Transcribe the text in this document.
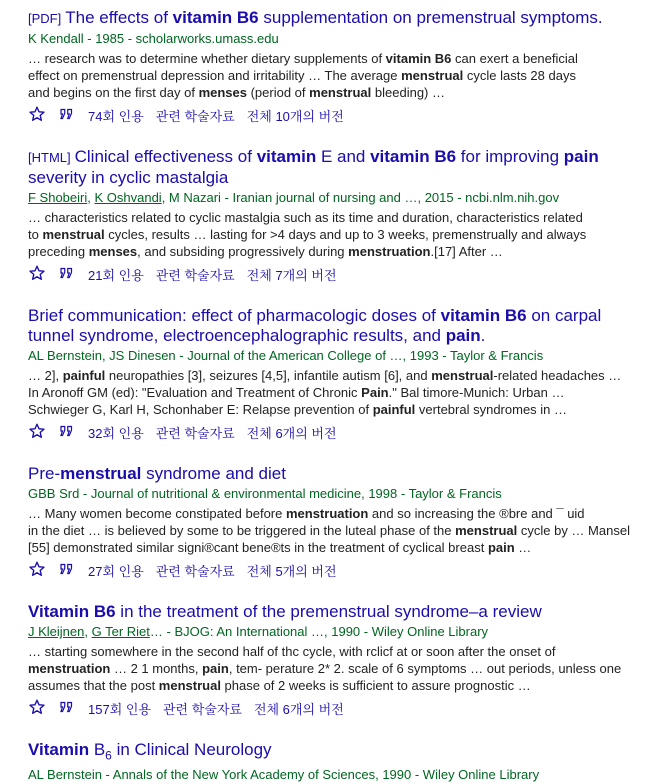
[PDF] The effects of vitamin B6 supplementation on premenstrual symptoms.
K Kendall - 1985 - scholarworks.umass.edu
… research was to determine whether dietary supplements of vitamin B6 can exert a beneficial
effect on premenstrual depression and irritability … The average menstrual cycle lasts 28 days
and begins on the first day of menses (period of menstrual bleeding) …
74회 인용 관련 학술자료 전체 10개의 버전
[HTML] Clinical effectiveness of vitamin E and vitamin B6 for improving pain severity in cyclic mastalgia
F Shobeiri, K Oshvandi, M Nazari - Iranian journal of nursing and …, 2015 - ncbi.nlm.nih.gov
… characteristics related to cyclic mastalgia such as its time and duration, characteristics related
to menstrual cycles, results … lasting for >4 days and up to 3 weeks, premenstrually and always
preceding menses, and subsiding progressively during menstruation.[17] After …
21회 인용 관련 학술자료 전체 7개의 버전
Brief communication: effect of pharmacologic doses of vitamin B6 on carpal tunnel syndrome, electroencephalographic results, and pain.
AL Bernstein, JS Dinesen - Journal of the American College of …, 1993 - Taylor & Francis
… 2], painful neuropathies [3], seizures [4,5], infantile autism [6], and menstrual-related headaches …
In Aronoff GM (ed): "Evaluation and Treatment of Chronic Pain." Bal timore-Munich: Urban …
Schwieger G, Karl H, Schonhaber E: Relapse prevention of painful vertebral syndromes in …
32회 인용 관련 학술자료 전체 6개의 버전
Pre-menstrual syndrome and diet
GBB Srd - Journal of nutritional & environmental medicine, 1998 - Taylor & Francis
… Many women become constipated before menstruation and so increasing the ®bre and ¯ uid
in the diet … is believed by some to be triggered in the luteal phase of the menstrual cycle by … Mansel
[55] demonstrated similar signi®cant bene®ts in the treatment of cyclical breast pain …
27회 인용 관련 학술자료 전체 5개의 버전
Vitamin B6 in the treatment of the premenstrual syndrome–a review
J Kleijnen, G Ter Riet… - BJOG: An International …, 1990 - Wiley Online Library
… starting somewhere in the second half of thc cycle, with rclicf at or soon after the onset of
menstruation … 2 1 months, pain, tem- perature 2* 2. scale of 6 symptoms … out periods, unless one
assumes that the post menstrual phase of 2 weeks is sufficient to assure prognostic …
157회 인용 관련 학술자료 전체 6개의 버전
Vitamin $B_6$ in Clinical Neurology
AL Bernstein - Annals of the New York Academy of Sciences, 1990 - Wiley Online Library
